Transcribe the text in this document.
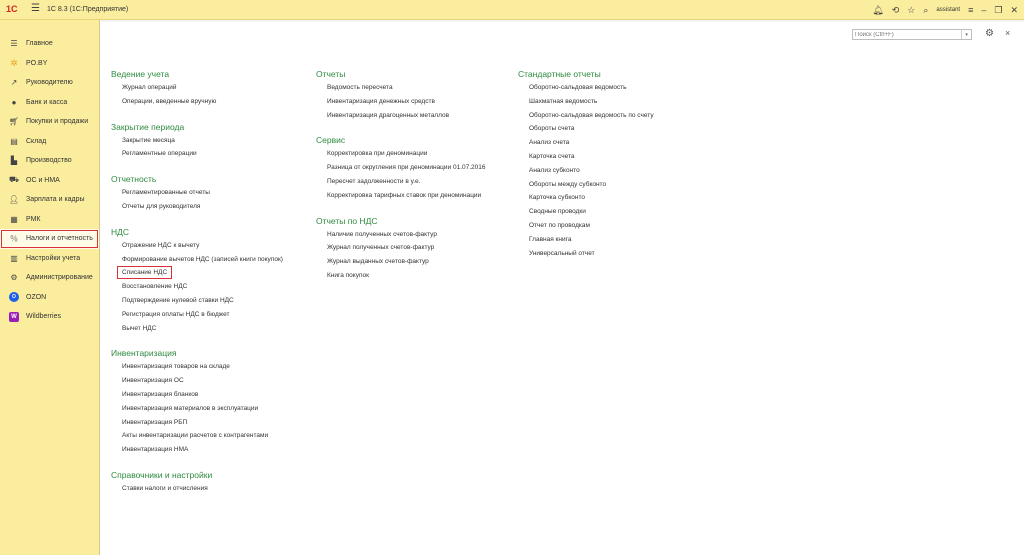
1С ☰ 1С 8.3 (1С:Предприятие)	🔔︎ ⟲ ☆ ⌕ assistant ≡ – ❐ ✕
☰ Главное
✲ PO.BY
↗ Руководителю
●	Банк и касса
🛒︎ Покупки и продажи
▤ Склад
▙ Производство
⛟ ОС и НМА
👤︎ Зарплата и кадры
▦ РМК
％ Налоги и отчетность
▥ Настройки учета
⚙ Администрирование
O	OZON
W	Wildberries
Поиск (Ctrl+F)
▾	⚙ ×
Ведение учета
Журнал операций
Операции, введенные вручную
Закрытие периода
Закрытие месяца
Регламентные операции
Отчетность
Регламентированные отчеты
Отчеты для руководителя
НДС
Отражение НДС к вычету
Формирование вычетов НДС (записей книги покупок)
Списание НДС
Восстановление НДС
Подтверждение нулевой ставки НДС
Регистрация оплаты НДС в бюджет
Вычет НДС
Инвентаризация
Инвентаризация товаров на складе
Инвентаризация ОС
Инвентаризация бланков
Инвентаризация материалов в эксплуатации
Инвентаризация РБП
Акты инвентаризации расчетов с контрагентами
Инвентаризация НМА
Справочники и настройки
Ставки налоги и отчисления
Отчеты
Ведомость пересчета
Инвентаризация денежных средств
Инвентаризация драгоценных металлов
Сервис
Корректировка при деноминации
Разница от округления при деноминации 01.07.2016
Пересчет задолженности в у.е.
Корректировка тарифных ставок при деноминации
Отчеты по НДС
Наличие полученных счетов-фактур
Журнал полученных счетов-фактур
Журнал выданных счетов-фактур
Книга покупок
Стандартные отчеты
Оборотно-сальдовая ведомость
Шахматная ведомость
Оборотно-сальдовая ведомость по счету
Обороты счета
Анализ счета
Карточка счета
Анализ субконто
Обороты между субконто
Карточка субконто
Сводные проводки
Отчет по проводкам
Главная книга
Универсальный отчет
